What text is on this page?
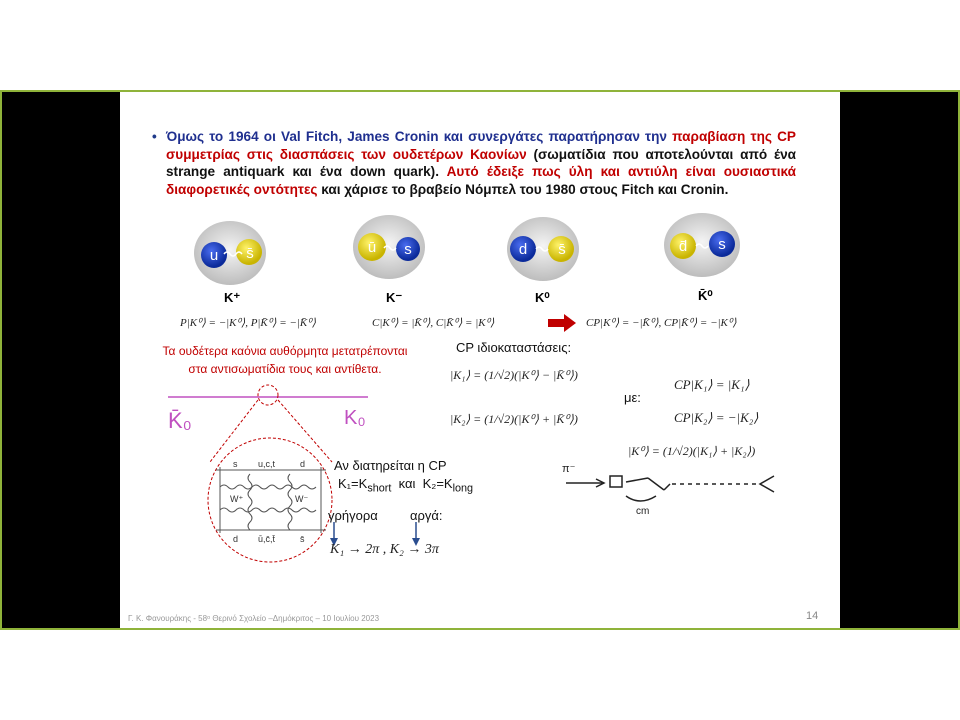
• Όμως το 1964 οι Val Fitch, James Cronin και συνεργάτες παρατήρησαν την παραβίαση της CP συμμετρίας στις διασπάσεις των ουδετέρων Καονίων (σωματίδια που αποτελούνται από ένα strange antiquark και ένα down quark). Αυτό έδειξε πως ύλη και αντιύλη είναι ουσιαστικά διαφορετικές οντότητες και χάρισε το βραβείο Νόμπελ του 1980 στους Fitch και Cronin.
u s̄	ū s	d s̄	d̄ s
s u,c,t	d
W⁺	W⁻
d ū,c̄,t̄	s̄
K̄₀	K₀
π⁻
cm
K⁺	K⁻	K⁰	K̄⁰
P|K⁰⟩ = −|K⁰⟩, P|K̄⁰⟩ = −|K̄⁰⟩	C|K⁰⟩ = |K̄⁰⟩, C|K̄⁰⟩ = |K⁰⟩	CP|K⁰⟩ = −|K̄⁰⟩, CP|K̄⁰⟩ = −|K⁰⟩
Τα ουδέτερα καόνια αυθόρμητα μετατρέπονται
στα αντισωματίδια τους και αντίθετα.
CP ιδιοκαταστάσεις:
|K₁⟩ = (1/√2)(|K⁰⟩ − |K̄⁰⟩)
|K₂⟩ = (1/√2)(|K⁰⟩ + |K̄⁰⟩)
με:
CP|K₁⟩ = |K₁⟩
CP|K₂⟩ = −|K₂⟩
|K⁰⟩ = (1/√2)(|K₁⟩ + |K₂⟩)
Αν διατηρείται η CP
$K_1=K_{short}$ και $K_2=K_{long}$
γρήγορα αργά:
K₁ → 2π , K₂ → 3π
Γ. Κ. Φανουράκης - 58ᵒ Θερινό Σχολείο –Δημόκριτος – 10 Ιουλίου 2023	14
